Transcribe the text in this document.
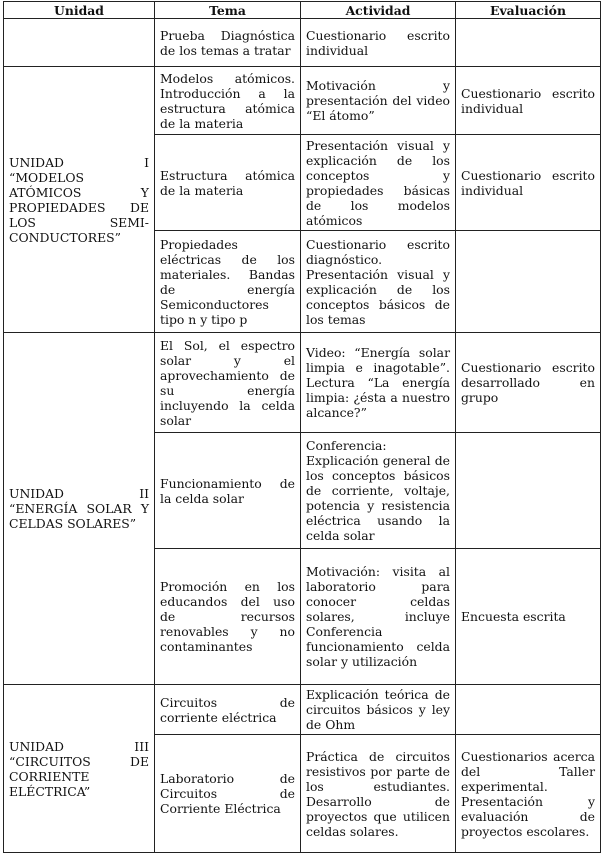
Unidad	Tema	Actividad	Evaluación
	Prueba Diagnóstica de los temas a tratar	Cuestionario escrito individual	
UNIDAD I “MODELOS ATÓMICOS Y PROPIEDADES DE LOS SEMI-CONDUCTORES”	Modelos atómicos. Introducción a la estructura atómica de la materia	Motivación y presentación del video “El átomo”	Cuestionario escrito individual
	Estructura atómica de la materia	Presentación visual y explicación de los conceptos y propiedades básicas de los modelos atómicos	Cuestionario escrito individual
	Propiedades eléctricas de los materiales. Bandas de energía Semiconductores tipo n y tipo p	Cuestionario escrito diagnóstico. Presentación visual y explicación de los conceptos básicos de los temas	
UNIDAD II “ENERGÍA SOLAR Y CELDAS SOLARES”	El Sol, el espectro solar y el aprovechamiento de su energía incluyendo la celda solar	Video: “Energía solar limpia e inagotable”. Lectura “La energía limpia: ¿ésta a nuestro alcance?”	Cuestionario escrito desarrollado en grupo
	Funcionamiento de la celda solar	Conferencia: Explicación general de los conceptos básicos de corriente, voltaje, potencia y resistencia eléctrica usando la celda solar	
	Promoción en los educandos del uso de recursos renovables y no contaminantes	Motivación: visita al laboratorio para conocer celdas solares, incluye Conferencia funcionamiento celda solar y utilización	Encuesta escrita
UNIDAD III “CIRCUITOS DE CORRIENTE ELÉCTRICA”	Circuitos de corriente eléctrica	Explicación teórica de circuitos básicos y ley de Ohm	
	Laboratorio de Circuitos de Corriente Eléctrica	Práctica de circuitos resistivos por parte de los estudiantes. Desarrollo de proyectos que utilicen celdas solares.	Cuestionarios acerca del Taller experimental. Presentación y evaluación de proyectos escolares.
